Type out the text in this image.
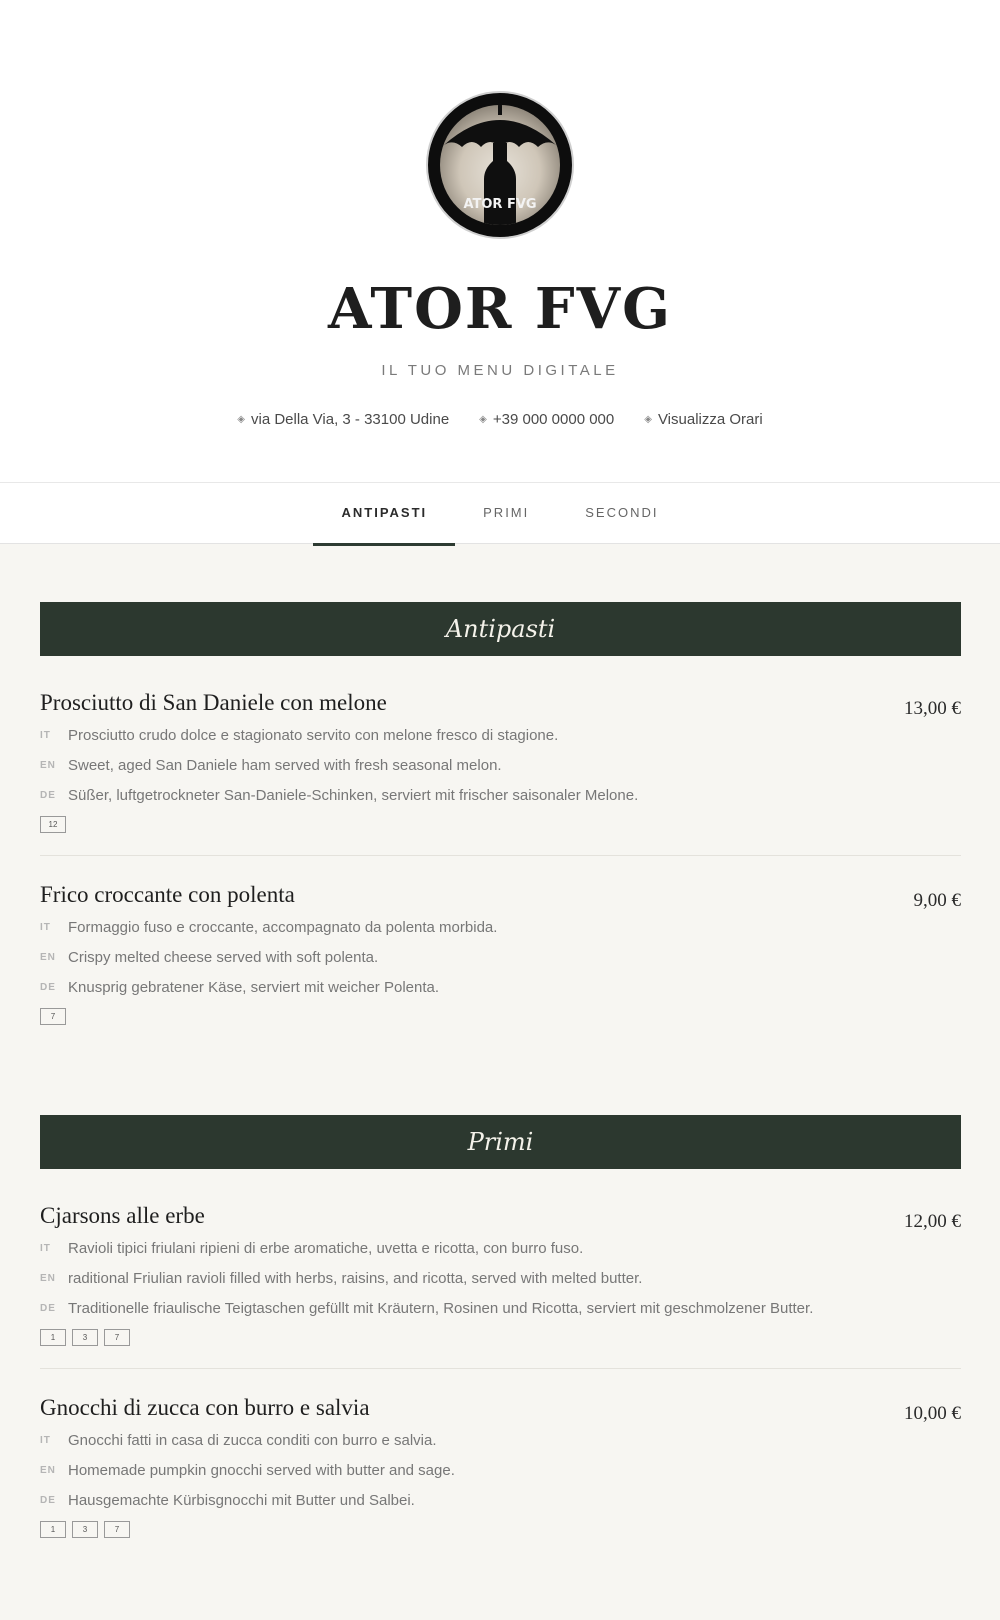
ATOR FVG
ATOR FVG
IL TUO MENU DIGITALE
◈ via Della Via, 3 - 33100 Udine	◈ +39 000 0000 000	◈ Visualizza Orari
ANTIPASTI	PRIMI	SECONDI
Antipasti
Prosciutto di San Daniele con melone	13,00 €
IT	Prosciutto crudo dolce e stagionato servito con melone fresco di stagione.
EN Sweet, aged San Daniele ham served with fresh seasonal melon.
DE Süßer, luftgetrockneter San-Daniele-Schinken, serviert mit frischer saisonaler Melone.
12
Frico croccante con polenta	9,00 €
IT	Formaggio fuso e croccante, accompagnato da polenta morbida.
EN Crispy melted cheese served with soft polenta.
DE Knusprig gebratener Käse, serviert mit weicher Polenta.
7
Primi
Cjarsons alle erbe	12,00 €
IT	Ravioli tipici friulani ripieni di erbe aromatiche, uvetta e ricotta, con burro fuso.
EN raditional Friulian ravioli filled with herbs, raisins, and ricotta, served with melted butter.
DE Traditionelle friaulische Teigtaschen gefüllt mit Kräutern, Rosinen und Ricotta, serviert mit geschmolzener Butter.
1	3	7
Gnocchi di zucca con burro e salvia	10,00 €
IT	Gnocchi fatti in casa di zucca conditi con burro e salvia.
EN Homemade pumpkin gnocchi served with butter and sage.
DE Hausgemachte Kürbisgnocchi mit Butter und Salbei.
1	3	7
